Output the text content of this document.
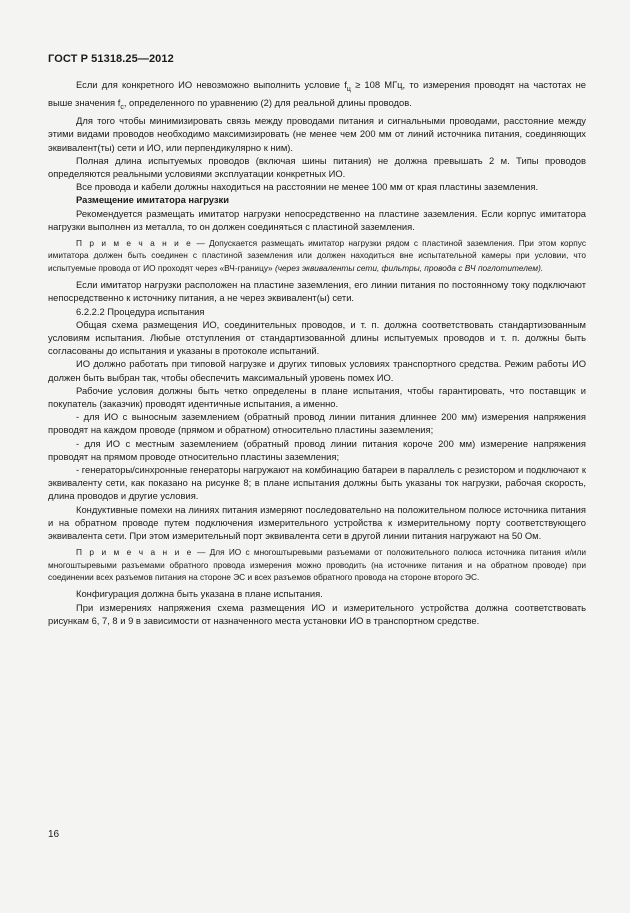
ГОСТ Р 51318.25—2012

Если для конкретного ИО невозможно выполнить условие $f_ц \ge 108$ МГц, то измерения проводят на частотах не выше значения $f_c$, определенного по уравнению (2) для реальной длины проводов.

Для того чтобы минимизировать связь между проводами питания и сигнальными проводами, расстояние между этими видами проводов необходимо максимизировать (не менее чем 200 мм от линий источника питания, соединяющих эквивалент(ты) сети и ИО, или перпендикулярно к ним).

Полная длина испытуемых проводов (включая шины питания) не должна превышать 2 м. Типы проводов определяются реальными условиями эксплуатации конкретных ИО.

Все провода и кабели должны находиться на расстоянии не менее 100 мм от края пластины заземления.

Размещение имитатора нагрузки

Рекомендуется размещать имитатор нагрузки непосредственно на пластине заземления. Если корпус имитатора нагрузки выполнен из металла, то он должен соединяться с пластиной заземления.

П р и м е ч а н и е — Допускается размещать имитатор нагрузки рядом с пластиной заземления. При этом корпус имитатора должен быть соединен с пластиной заземления или должен находиться вне испытательной камеры при условии, что испытуемые провода от ИО проходят через «ВЧ-границу» (через эквиваленты сети, фильтры, провода с ВЧ поглотителем).

Если имитатор нагрузки расположен на пластине заземления, его линии питания по постоянному току подключают непосредственно к источнику питания, а не через эквивалент(ы) сети.

6.2.2.2 Процедура испытания

Общая схема размещения ИО, соединительных проводов, и т. п. должна соответствовать стандартизованным условиям испытания. Любые отступления от стандартизованной длины испытуемых проводов и т. п. должны быть согласованы до испытания и указаны в протоколе испытаний.

ИО должно работать при типовой нагрузке и других типовых условиях транспортного средства. Режим работы ИО должен быть выбран так, чтобы обеспечить максимальный уровень помех ИО.

Рабочие условия должны быть четко определены в плане испытания, чтобы гарантировать, что поставщик и покупатель (заказчик) проводят идентичные испытания, а именно.

- для ИО с выносным заземлением (обратный провод линии питания длиннее 200 мм) измерения напряжения проводят на каждом проводе (прямом и обратном) относительно пластины заземления;

- для ИО с местным заземлением (обратный провод линии питания короче 200 мм) измерение напряжения проводят на прямом проводе относительно пластины заземления;

- генераторы/синхронные генераторы нагружают на комбинацию батареи в параллель с резистором и подключают к эквиваленту сети, как показано на рисунке 8; в плане испытания должны быть указаны ток нагрузки, рабочая скорость, длина проводов и другие условия.

Кондуктивные помехи на линиях питания измеряют последовательно на положительном полюсе источника питания и на обратном проводе путем подключения измерительного устройства к измерительному порту соответствующего эквивалента сети. При этом измерительный порт эквивалента сети в другой линии питания нагружают на 50 Ом.

П р и м е ч а н и е — Для ИО с многоштыревыми разъемами от положительного полюса источника питания и/или многоштыревыми разъемами обратного провода измерения можно проводить (на источнике питания и на обратном проводе) при соединении всех разъемов питания на стороне ЭС и всех разъемов обратного провода на стороне второго ЭС.

Конфигурация должна быть указана в плане испытания.

При измерениях напряжения схема размещения ИО и измерительного устройства должна соответствовать рисункам 6, 7, 8 и 9 в зависимости от назначенного места установки ИО в транспортном средстве.

16
